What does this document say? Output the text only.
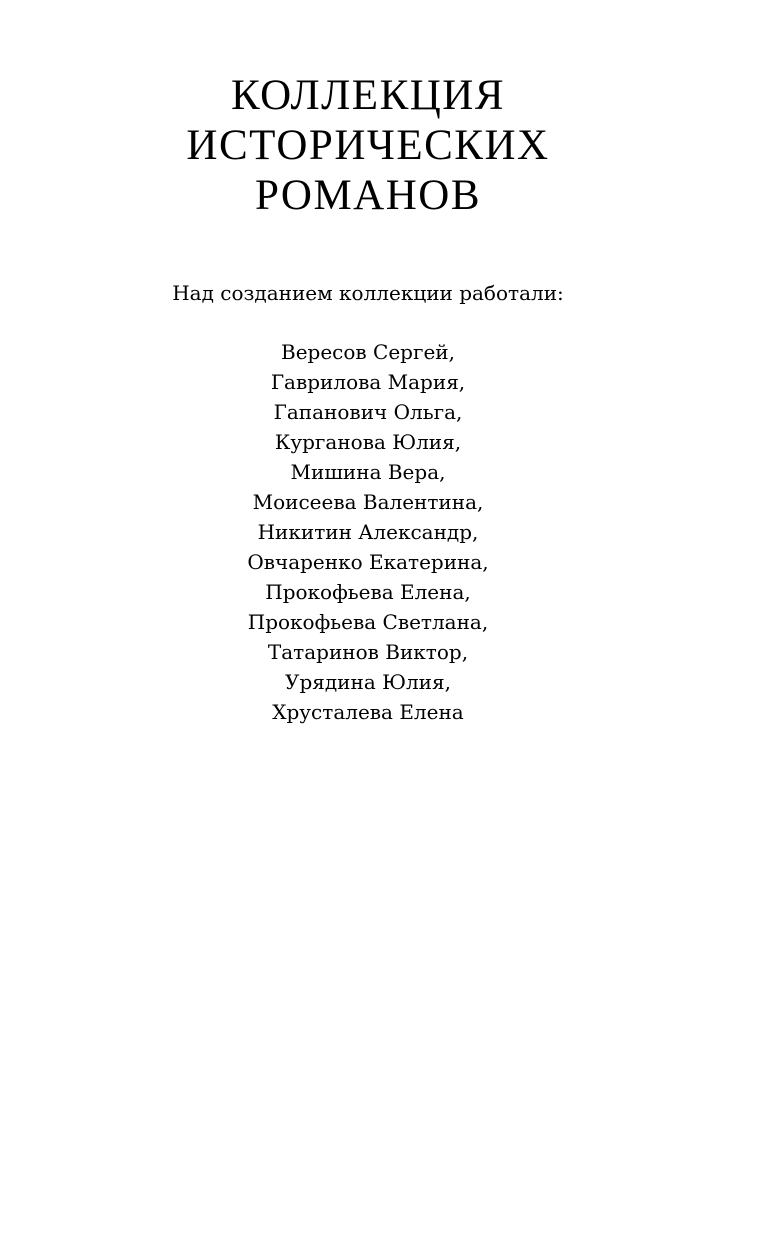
КОЛЛЕКЦИЯ
ИСТОРИЧЕСКИХ
РОМАНОВ
Над созданием коллекции работали:
Вересов Сергей,
Гаврилова Мария,
Гапанович Ольга,
Курганова Юлия,
Мишина Вера,
Моисеева Валентина,
Никитин Александр,
Овчаренко Екатерина,
Прокофьева Елена,
Прокофьева Светлана,
Татаринов Виктор,
Урядина Юлия,
Хрусталева Елена
